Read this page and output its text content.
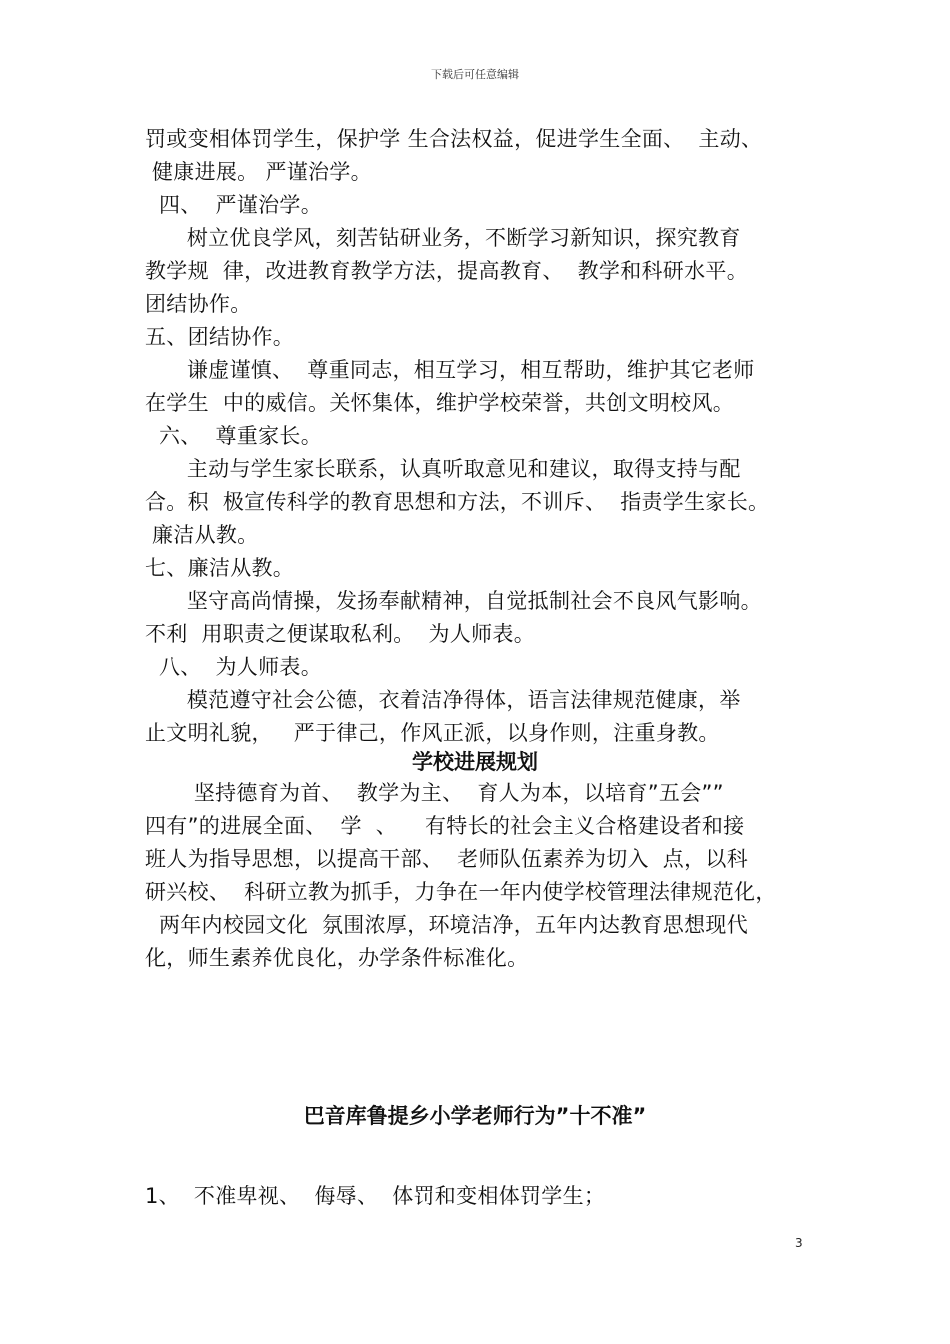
下载后可任意编辑
罚或变相体罚学生，保护学 生合法权益，促进学生全面、  主动、
健康进展。 严谨治学。
四、  严谨治学。
树立优良学风，刻苦钻研业务，不断学习新知识，探究教育
教学规  律，改进教育教学方法，提高教育、  教学和科研水平。
团结协作。
五、团结协作。
谦虚谨慎、  尊重同志，相互学习，相互帮助，维护其它老师
在学生  中的威信。关怀集体，维护学校荣誉，共创文明校风。
六、  尊重家长。
主动与学生家长联系，认真听取意见和建议，取得支持与配
合。积  极宣传科学的教育思想和方法，不训斥、  指责学生家长。
廉洁从教。
七、廉洁从教。
坚守高尚情操，发扬奉献精神，自觉抵制社会不良风气影响。
不利  用职责之便谋取私利。  为人师表。
八、  为人师表。
模范遵守社会公德，衣着洁净得体，语言法律规范健康，举
止文明礼貌，   严于律己，作风正派，以身作则，注重身教。
学校进展规划
坚持德育为首、  教学为主、  育人为本，以培育”五会””
四有”的进展全面、  学  、    有特长的社会主义合格建设者和接
班人为指导思想，以提高干部、  老师队伍素养为切入  点，以科
研兴校、  科研立教为抓手，力争在一年内使学校管理法律规范化，
两年内校园文化  氛围浓厚，环境洁净，五年内达教育思想现代
化，师生素养优良化，办学条件标准化。
巴音库鲁提乡小学老师行为”十不准”
1、  不准卑视、  侮辱、  体罚和变相体罚学生；
3
